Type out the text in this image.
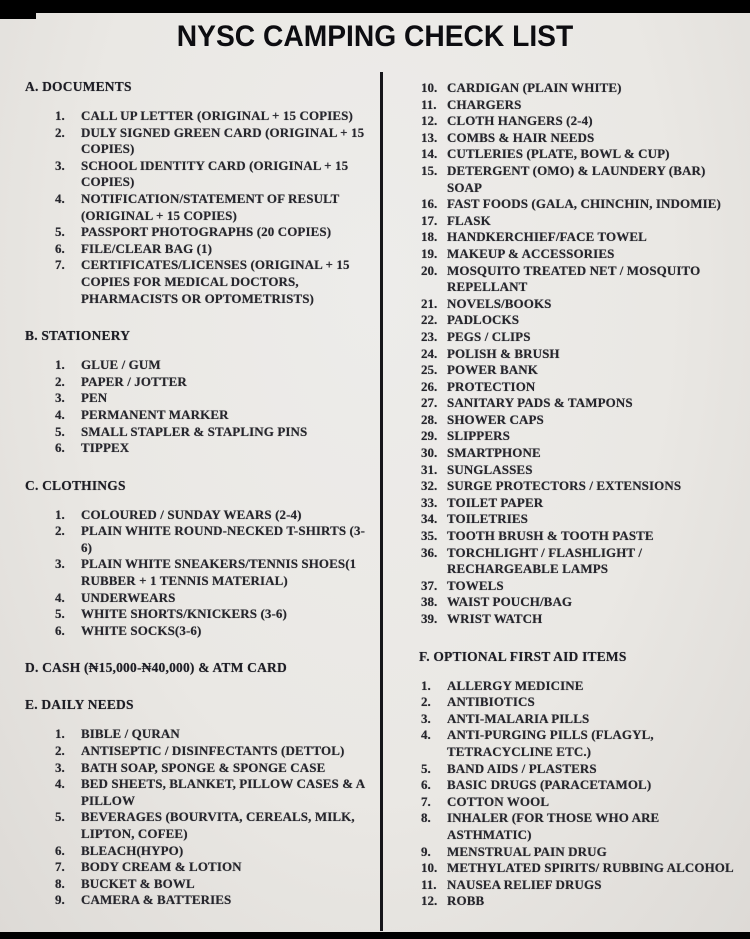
NYSC CAMPING CHECK LIST
A. DOCUMENTS
1.	CALL UP LETTER (ORIGINAL + 15 COPIES)
2.	DULY SIGNED GREEN CARD (ORIGINAL + 15 COPIES)
3.	SCHOOL IDENTITY CARD (ORIGINAL + 15 COPIES)
4.	NOTIFICATION/STATEMENT OF RESULT (ORIGINAL + 15 COPIES)
5.	PASSPORT PHOTOGRAPHS (20 COPIES)
6.	FILE/CLEAR BAG (1)
7.	CERTIFICATES/LICENSES (ORIGINAL + 15 COPIES FOR MEDICAL DOCTORS, PHARMACISTS OR OPTOMETRISTS)
B. STATIONERY
1.	GLUE / GUM
2.	PAPER / JOTTER
3.	PEN
4.	PERMANENT MARKER
5.	SMALL STAPLER & STAPLING PINS
6.	TIPPEX
C. CLOTHINGS
1.	COLOURED / SUNDAY WEARS (2-4)
2.	PLAIN WHITE ROUND-NECKED T-SHIRTS (3-6)
3.	PLAIN WHITE SNEAKERS/TENNIS SHOES(1 RUBBER + 1 TENNIS MATERIAL)
4.	UNDERWEARS
5.	WHITE SHORTS/KNICKERS (3-6)
6.	WHITE SOCKS(3-6)
D. CASH (₦15,000-₦40,000) & ATM CARD
E. DAILY NEEDS
1.	BIBLE / QURAN
2.	ANTISEPTIC / DISINFECTANTS (DETTOL)
3.	BATH SOAP, SPONGE & SPONGE CASE
4.	BED SHEETS, BLANKET, PILLOW CASES & A PILLOW
5.	BEVERAGES (BOURVITA, CEREALS, MILK, LIPTON, COFEE)
6.	BLEACH(HYPO)
7.	BODY CREAM & LOTION
8.	BUCKET & BOWL
9.	CAMERA & BATTERIES
10. CARDIGAN (PLAIN WHITE)
11. CHARGERS
12. CLOTH HANGERS (2-4)
13. COMBS & HAIR NEEDS
14. CUTLERIES (PLATE, BOWL & CUP)
15. DETERGENT (OMO) & LAUNDERY (BAR) SOAP
16. FAST FOODS (GALA, CHINCHIN, INDOMIE)
17. FLASK
18. HANDKERCHIEF/FACE TOWEL
19. MAKEUP & ACCESSORIES
20. MOSQUITO TREATED NET / MOSQUITO REPELLANT
21. NOVELS/BOOKS
22. PADLOCKS
23. PEGS / CLIPS
24. POLISH & BRUSH
25. POWER BANK
26. PROTECTION
27. SANITARY PADS & TAMPONS
28. SHOWER CAPS
29. SLIPPERS
30. SMARTPHONE
31. SUNGLASSES
32. SURGE PROTECTORS / EXTENSIONS
33. TOILET PAPER
34. TOILETRIES
35. TOOTH BRUSH & TOOTH PASTE
36. TORCHLIGHT / FLASHLIGHT / RECHARGEABLE LAMPS
37. TOWELS
38. WAIST POUCH/BAG
39. WRIST WATCH
F. OPTIONAL FIRST AID ITEMS
1.	ALLERGY MEDICINE
2.	ANTIBIOTICS
3.	ANTI-MALARIA PILLS
4.	ANTI-PURGING PILLS (FLAGYL, TETRACYCLINE ETC.)
5.	BAND AIDS / PLASTERS
6.	BASIC DRUGS (PARACETAMOL)
7.	COTTON WOOL
8.	INHALER (FOR THOSE WHO ARE ASTHMATIC)
9.	MENSTRUAL PAIN DRUG
10. METHYLATED SPIRITS/ RUBBING ALCOHOL
11. NAUSEA RELIEF DRUGS
12. ROBB
